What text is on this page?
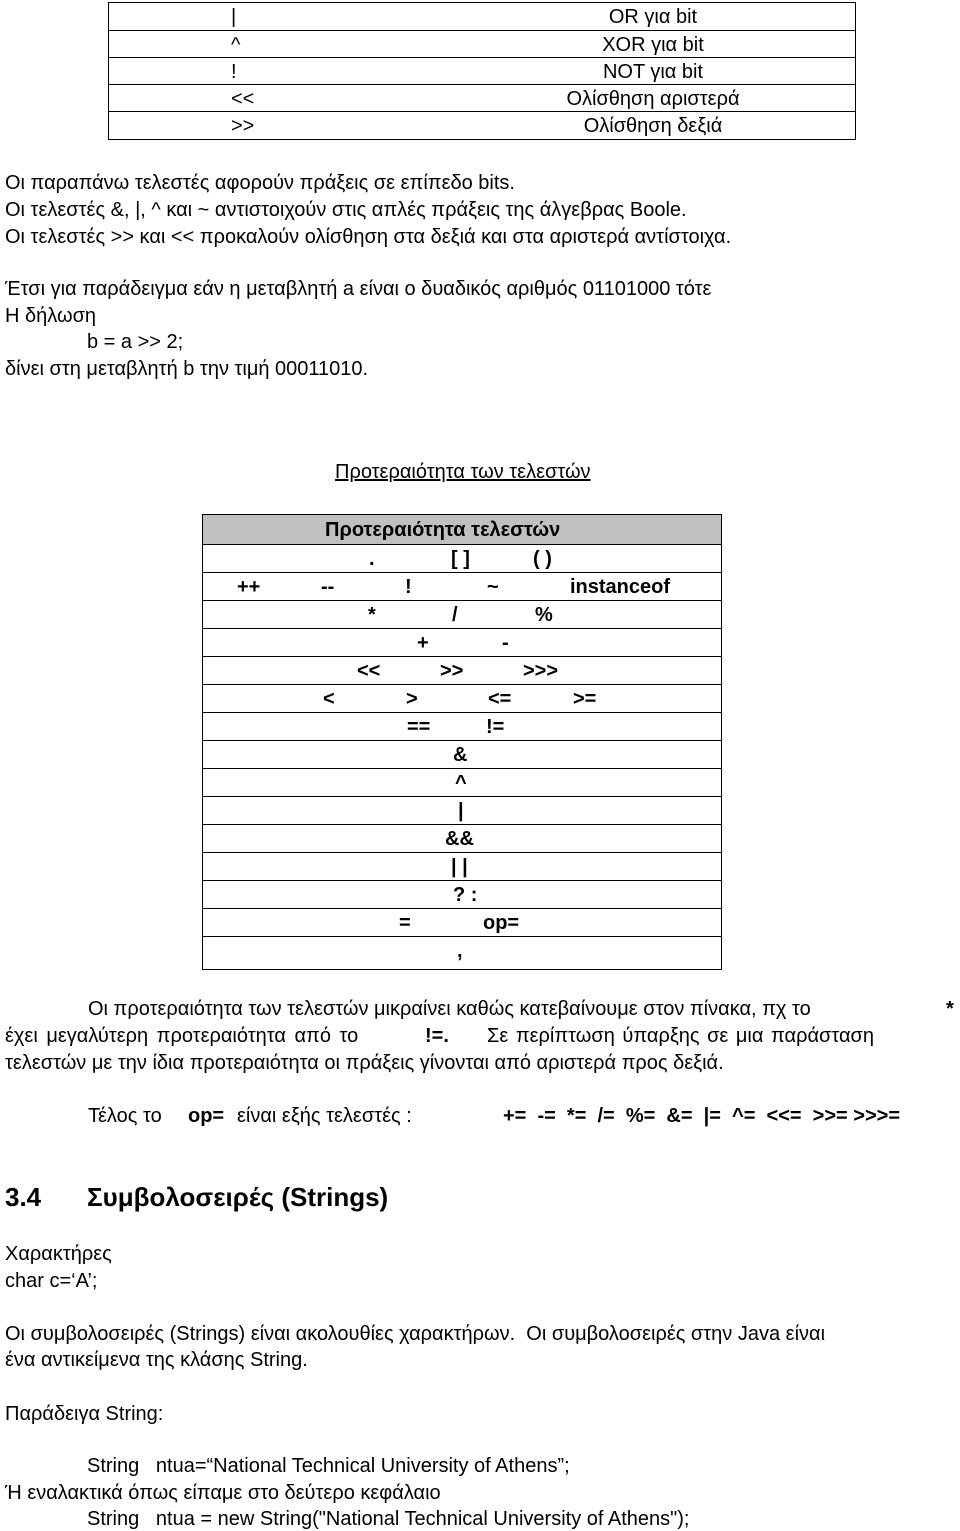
|	OR για bit
^	XOR για bit
!	NOT για bit
<<	Ολίσθηση αριστερά
>>	Ολίσθηση δεξιά
Οι παραπάνω τελεστές αφορούν πράξεις σε επίπεδο bits.
Οι τελεστές &, |, ^ και ~ αντιστοιχούν στις απλές πράξεις της άλγεβρας Boole.
Οι τελεστές >> και << προκαλούν ολίσθηση στα δεξιά και στα αριστερά αντίστοιχα.
Έτσι για παράδειγμα εάν η μεταβλητή a είναι ο δυαδικός αριθμός 01101000 τότε
Η δήλωση
b = a >> 2;
δίνει στη μεταβλητή b την τιμή 00011010.
Προτεραιότητα των τελεστών
Προτεραιότητα τελεστών
.	[ ]	( )
++	--	!	~	instanceof
*	/	%
+	-
<<	>>	>>>
<	>	<=	>=
==	!=
&
^
|
&&
| |
? :
=	op=
,
Οι προτεραιότητα των τελεστών μικραίνει καθώς κατεβαίνουμε στον πίνακα, πχ το	*
έχει μεγαλύτερη προτεραιότητα από το	!=. Σε περίπτωση ύπαρξης σε μια παράσταση
τελεστών με την ίδια προτεραιότητα οι πράξεις γίνονται από αριστερά προς δεξιά.
Τέλος το op= είναι εξής τελεστές :	+=  -=  *=  /=  %=  &=  |=  ^=  <<=  >>= >>>=
3.4 Συμβολοσειρές (Strings)
Χαρακτήρες
char c=‘A’;
Οι συμβολοσειρές (Strings) είναι ακολουθίες χαρακτήρων.  Οι συμβολοσειρές στην Java είναι
ένα αντικείμενα της κλάσης String.
Παράδειγα String:
String   ntua=“National Technical University of Athens”;
Ή εναλακτικά όπως είπαμε στο δεύτερο κεφάλαιο
String   ntua = new String("National Technical University of Athens");
